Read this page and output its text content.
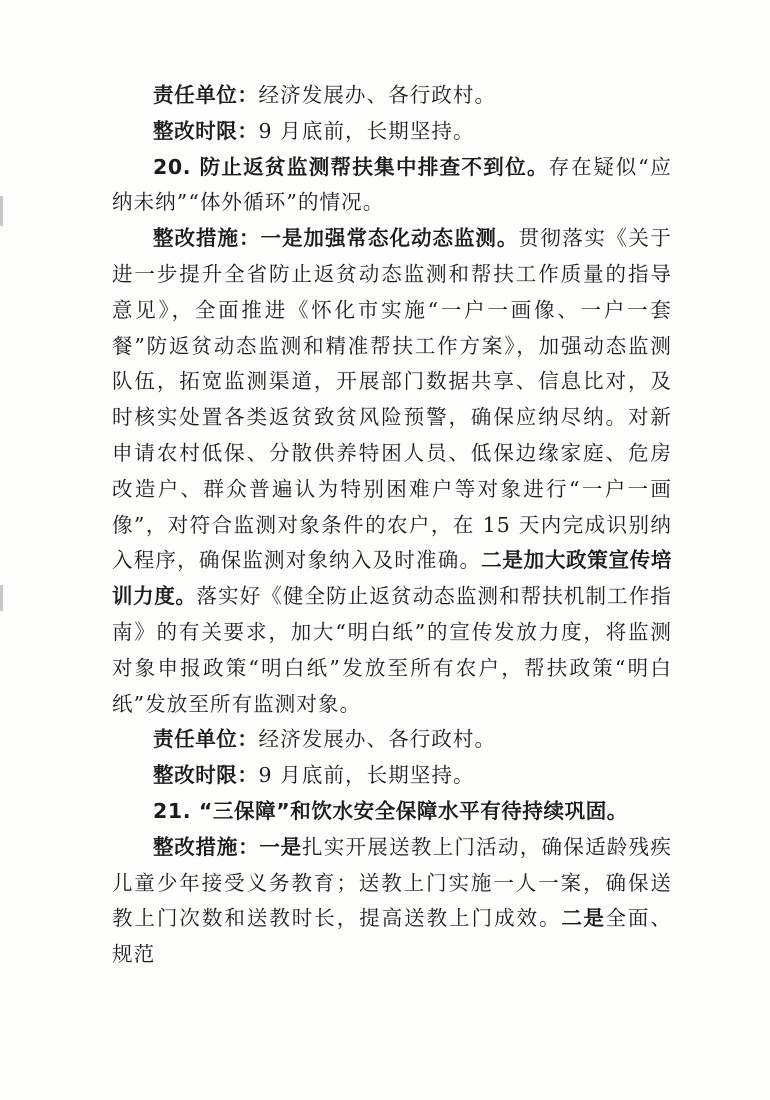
责任单位：经济发展办、各行政村。

整改时限：9 月底前，长期坚持。

20. 防止返贫监测帮扶集中排查不到位。存在疑似“应纳未纳”“体外循环”的情况。

整改措施：一是加强常态化动态监测。贯彻落实《关于进一步提升全省防止返贫动态监测和帮扶工作质量的指导意见》，全面推进《怀化市实施“一户一画像、一户一套餐”防返贫动态监测和精准帮扶工作方案》，加强动态监测队伍，拓宽监测渠道，开展部门数据共享、信息比对，及时核实处置各类返贫致贫风险预警，确保应纳尽纳。对新申请农村低保、分散供养特困人员、低保边缘家庭、危房改造户、群众普遍认为特别困难户等对象进行“一户一画像”，对符合监测对象条件的农户，在 15 天内完成识别纳入程序，确保监测对象纳入及时准确。二是加大政策宣传培训力度。落实好《健全防止返贫动态监测和帮扶机制工作指南》的有关要求，加大“明白纸”的宣传发放力度，将监测对象申报政策“明白纸”发放至所有农户，帮扶政策“明白纸”发放至所有监测对象。

责任单位：经济发展办、各行政村。

整改时限：9 月底前，长期坚持。

21. “三保障”和饮水安全保障水平有待持续巩固。

整改措施：一是扎实开展送教上门活动，确保适龄残疾儿童少年接受义务教育；送教上门实施一人一案，确保送教上门次数和送教时长，提高送教上门成效。二是全面、规范
